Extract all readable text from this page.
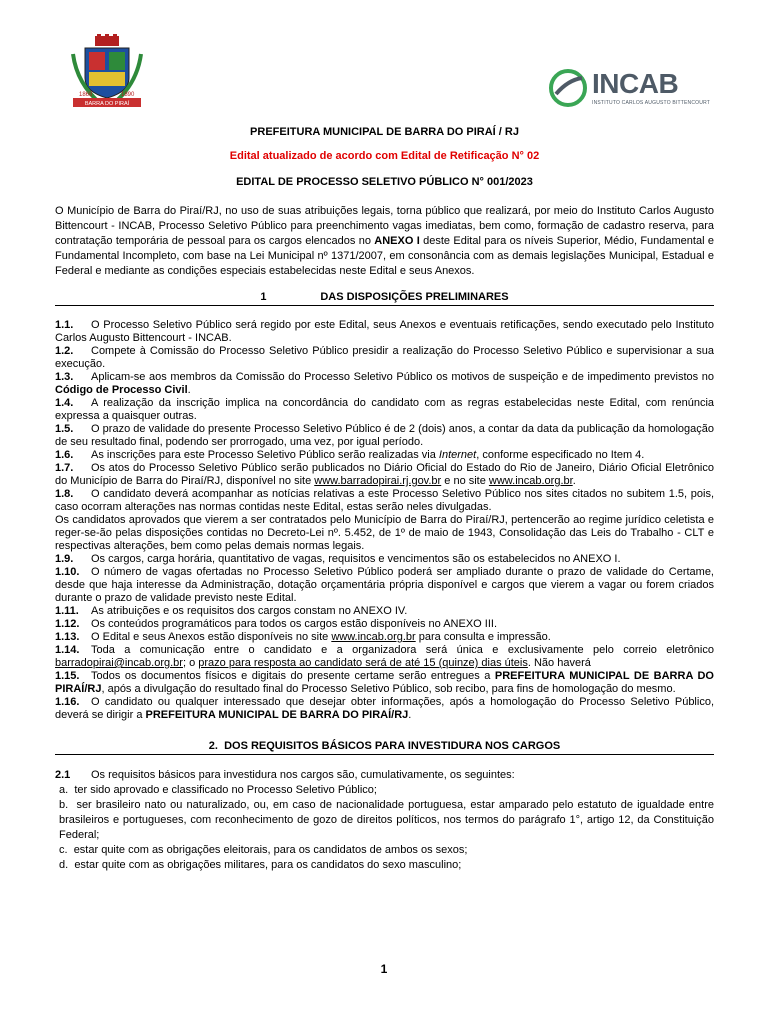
1868	1890
BARRA DO PIRAÍ
INCAB
INSTITUTO CARLOS AUGUSTO BITTENCOURT
PREFEITURA MUNICIPAL DE BARRA DO PIRAÍ / RJ
Edital atualizado de acordo com Edital de Retificação N° 02
EDITAL DE PROCESSO SELETIVO PÚBLICO N° 001/2023
O Município de Barra do Piraí/RJ, no uso de suas atribuições legais, torna público que realizará, por meio do Instituto Carlos Augusto Bittencourt - INCAB, Processo Seletivo Público para preenchimento vagas imediatas, bem como, formação de cadastro reserva, para contratação temporária de pessoal para os cargos elencados no ANEXO I deste Edital para os níveis Superior, Médio, Fundamental e Fundamental Incompleto, com base na Lei Municipal nº 1371/2007, em consonância com as demais legislações Municipal, Estadual e Federal e mediante as condições especiais estabelecidas neste Edital e seus Anexos.
1	DAS DISPOSIÇÕES PRELIMINARES

1.1. O Processo Seletivo Público será regido por este Edital, seus Anexos e eventuais retificações, sendo executado pelo Instituto Carlos Augusto Bittencourt - INCAB.

1.2. Compete à Comissão do Processo Seletivo Público presidir a realização do Processo Seletivo Público e supervisionar a sua execução.

1.3. Aplicam-se aos membros da Comissão do Processo Seletivo Público os motivos de suspeição e de impedimento previstos no Código de Processo Civil.

1.4. A realização da inscrição implica na concordância do candidato com as regras estabelecidas neste Edital, com renúncia expressa a quaisquer outras.

1.5. O prazo de validade do presente Processo Seletivo Público é de 2 (dois) anos, a contar da data da publicação da homologação de seu resultado final, podendo ser prorrogado, uma vez, por igual período.

1.6. As inscrições para este Processo Seletivo Público serão realizadas via Internet, conforme especificado no Item 4.

1.7. Os atos do Processo Seletivo Público serão publicados no Diário Oficial do Estado do Rio de Janeiro, Diário Oficial Eletrônico do Município de Barra do Piraí/RJ, disponível no site www.barradopirai.rj.gov.br e no site www.incab.org.br.

1.8. O candidato deverá acompanhar as notícias relativas a este Processo Seletivo Público nos sites citados no subitem 1.5, pois, caso ocorram alterações nas normas contidas neste Edital, estas serão neles divulgadas.

Os candidatos aprovados que vierem a ser contratados pelo Município de Barra do Piraí/RJ, pertencerão ao regime jurídico celetista e reger-se-ão pelas disposições contidas no Decreto-Lei nº. 5.452, de 1º de maio de 1943, Consolidação das Leis do Trabalho - CLT e respectivas alterações, bem como pelas demais normas legais.

1.9. Os cargos, carga horária, quantitativo de vagas, requisitos e vencimentos são os estabelecidos no ANEXO I.

1.10. O número de vagas ofertadas no Processo Seletivo Público poderá ser ampliado durante o prazo de validade do Certame, desde que haja interesse da Administração, dotação orçamentária própria disponível e cargos que vierem a vagar ou forem criados durante o prazo de validade previsto neste Edital.

1.11. As atribuições e os requisitos dos cargos constam no ANEXO IV.

1.12. Os conteúdos programáticos para todos os cargos estão disponíveis no ANEXO III.

1.13. O Edital e seus Anexos estão disponíveis no site www.incab.org.br para consulta e impressão.

1.14. Toda a comunicação entre o candidato e a organizadora será única e exclusivamente pelo correio eletrônico barradopirai@incab.org.br; o prazo para resposta ao candidato será de até 15 (quinze) dias úteis. Não haverá

1.15. Todos os documentos físicos e digitais do presente certame serão entregues a PREFEITURA MUNICIPAL DE BARRA DO PIRAÍ/RJ, após a divulgação do resultado final do Processo Seletivo Público, sob recibo, para fins de homologação do mesmo.

1.16. O candidato ou qualquer interessado que desejar obter informações, após a homologação do Processo Seletivo Público, deverá se dirigir a PREFEITURA MUNICIPAL DE BARRA DO PIRAÍ/RJ.

2. DOS REQUISITOS BÁSICOS PARA INVESTIDURA NOS CARGOS

2.1 Os requisitos básicos para investidura nos cargos são, cumulativamente, os seguintes:

a. ter sido aprovado e classificado no Processo Seletivo Público;

b. ser brasileiro nato ou naturalizado, ou, em caso de nacionalidade portuguesa, estar amparado pelo estatuto de igualdade entre brasileiros e portugueses, com reconhecimento de gozo de direitos políticos, nos termos do parágrafo 1°, artigo 12, da Constituição Federal;

c. estar quite com as obrigações eleitorais, para os candidatos de ambos os sexos;

d. estar quite com as obrigações militares, para os candidatos do sexo masculino;

1
